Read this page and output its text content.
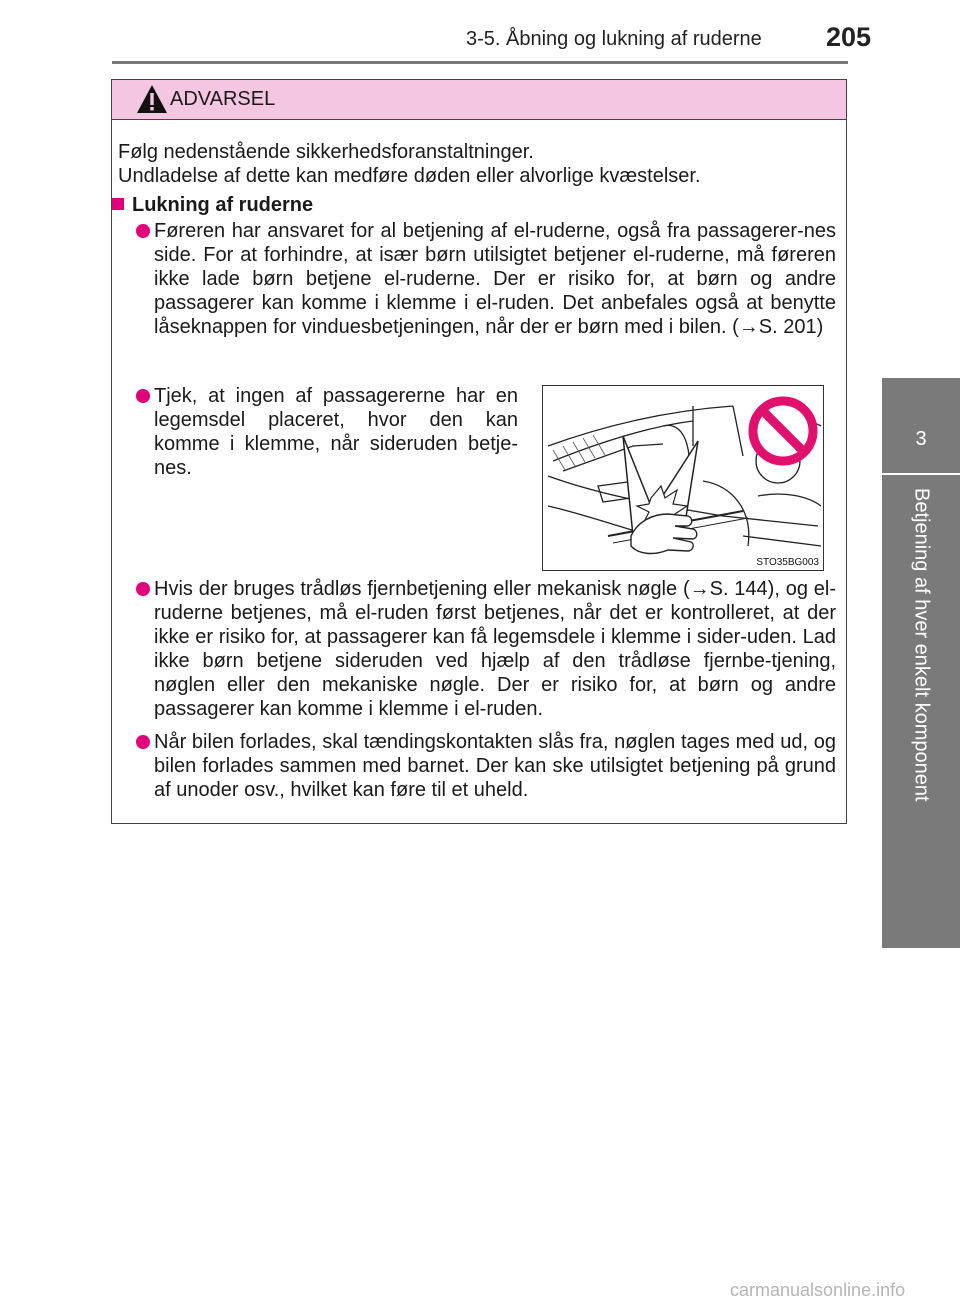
3-5. Åbning og lukning af ruderne 205
3
Betjening af hver enkelt komponent
ADVARSEL
Følg nedenstående sikkerhedsforanstaltninger.
Undladelse af dette kan medføre døden eller alvorlige kvæstelser.
Lukning af ruderne
Føreren har ansvaret for al betjening af el-ruderne, også fra passagerer-nes side. For at forhindre, at især børn utilsigtet betjener el-ruderne, må føreren ikke lade børn betjene el-ruderne. Der er risiko for, at børn og andre passagerer kan komme i klemme i el-ruden. Det anbefales også at benytte låseknappen for vinduesbetjeningen, når der er børn med i bilen. (→S. 201)
Tjek, at ingen af passagererne har en legemsdel placeret, hvor den kan komme i klemme, når sideruden betje-nes.
STO35BG003
Hvis der bruges trådløs fjernbetjening eller mekanisk nøgle (→S. 144), og el-ruderne betjenes, må el-ruden først betjenes, når det er kontrolleret, at der ikke er risiko for, at passagerer kan få legemsdele i klemme i sider-uden. Lad ikke børn betjene sideruden ved hjælp af den trådløse fjernbe-tjening, nøglen eller den mekaniske nøgle. Der er risiko for, at børn og andre passagerer kan komme i klemme i el-ruden.
Når bilen forlades, skal tændingskontakten slås fra, nøglen tages med ud, og bilen forlades sammen med barnet. Der kan ske utilsigtet betjening på grund af unoder osv., hvilket kan føre til et uheld.
carmanualsonline.info
